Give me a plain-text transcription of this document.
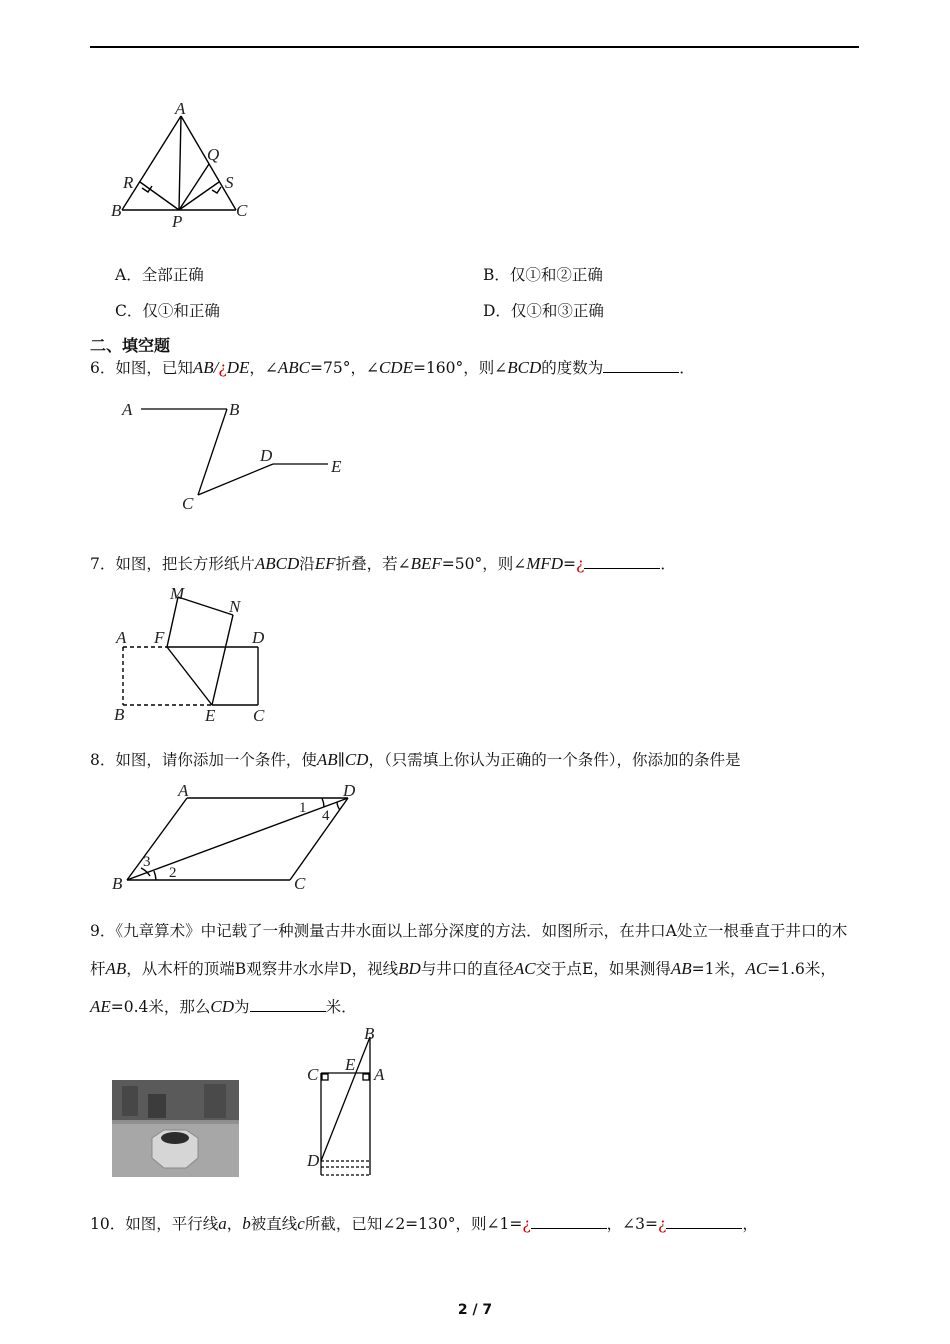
A
Q
R	S
B
P
C
A．全部正确	B．仅①和②正确
C．仅①和正确	D．仅①和③正确
二、填空题
6．如图，已知AB/¿DE，∠ABC=75°，∠CDE=160°，则∠BCD的度数为	．
A	B
D
E
C
7．如图，把长方形纸片ABCD沿EF折叠，若∠BEF=50°，则∠MFD=¿	．
M
N
A F	D
B	E C
8．如图，请你添加一个条件，使AB∥CD，（只需填上你认为正确的一个条件），你添加的条件是
A	D
B	C
1 4
3
2
9．《九章算术》中记载了一种测量古井水面以上部分深度的方法．如图所示，在井口A处立一根垂直于井口的木杆AB，从木杆的顶端B观察井水水岸D，视线BD与井口的直径AC交于点E，如果测得AB=1米，AC=1.6米，AE=0.4米，那么CD为	米．
B
C
E
A
D
10．如图，平行线a，b被直线c所截，已知∠2=130°，则∠1=¿	，∠3=¿	，
2 / 7
